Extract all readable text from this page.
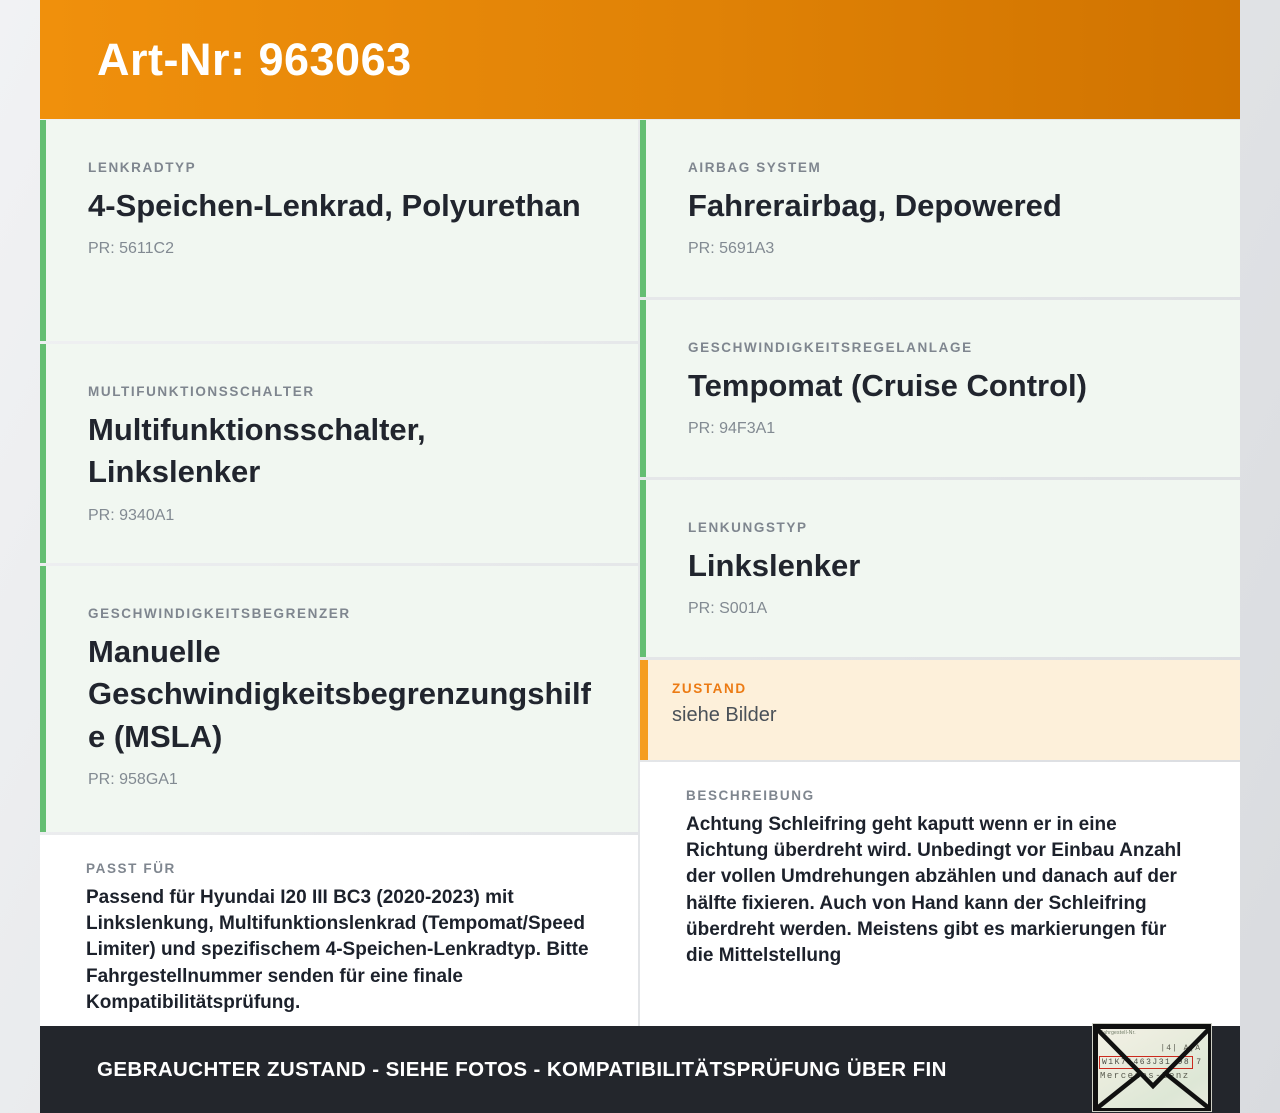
Art-Nr: 963063
LENKRADTYP
4-Speichen-Lenkrad, Polyurethan
PR: 5611C2
MULTIFUNKTIONSSCHALTER
Multifunktionsschalter, Linkslenker
PR: 9340A1
GESCHWINDIGKEITSBEGRENZER
Manuelle Geschwindigkeitsbegrenzungshilfe (MSLA)
PR: 958GA1
PASST FÜR
Passend für Hyundai I20 III BC3 (2020-2023) mit Linkslenkung, Multifunktionslenkrad (Tempomat/Speed Limiter) und spezifischem 4-Speichen-Lenkradtyp. Bitte Fahrgestellnummer senden für eine finale Kompatibilitätsprüfung.
AIRBAG SYSTEM
Fahrerairbag, Depowered
PR: 5691A3
GESCHWINDIGKEITSREGELANLAGE
Tempomat (Cruise Control)
PR: 94F3A1
LENKUNGSTYP
Linkslenker
PR: S001A
ZUSTAND
siehe Bilder
BESCHREIBUNG
Achtung Schleifring geht kaputt wenn er in eine Richtung überdreht wird. Unbedingt vor Einbau Anzahl der vollen Umdrehungen abzählen und danach auf der hälfte fixieren. Auch von Hand kann der Schleifring überdreht werden. Meistens gibt es markierungen für die Mittelstellung
GEBRAUCHTER ZUSTAND - SIEHE FOTOS - KOMPATIBILITÄTSPRÜFUNG ÜBER FIN
Fahrgestell-Nr.
|4| A|A
W1K71463J31 98 7
Mercedes-Benz
